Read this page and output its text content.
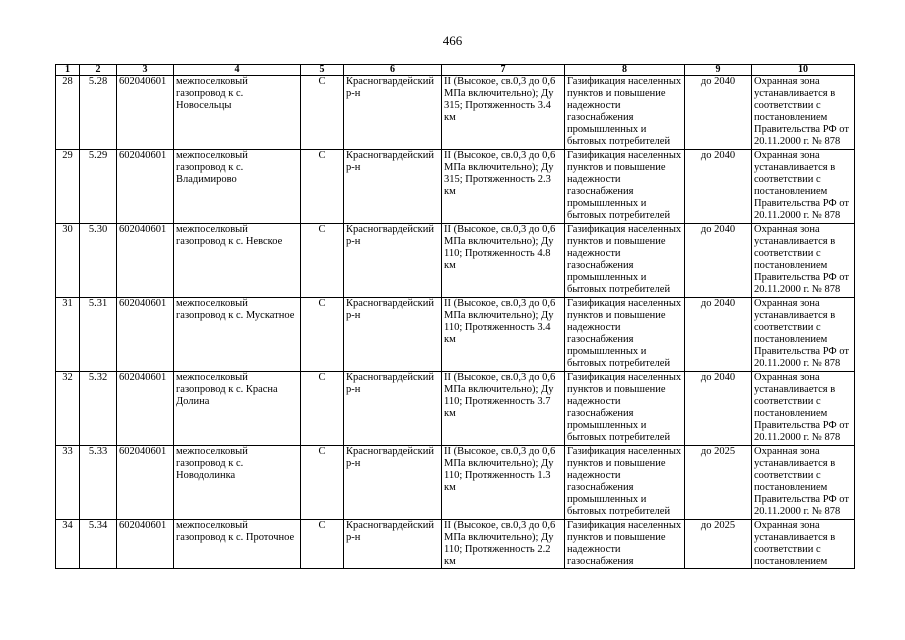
466
1	2	3	4	5	6	7	8	9	10
28	5.28	602040601	межпоселковый газопровод к с. Новосельцы	С	Красногвардейский р-н	II (Высокое, св.0,3 до 0,6 МПа включительно); Ду 315; Протяженность 3.4 км	Газификация населенных пунктов и повышение надежности газоснабжения промышленных и бытовых потребителей	до 2040	Охранная зона устанавливается в соответствии с постановлением Правительства РФ от 20.11.2000 г. № 878
29	5.29	602040601	межпоселковый газопровод к с. Владимирово	С	Красногвардейский р-н	II (Высокое, св.0,3 до 0,6 МПа включительно); Ду 315; Протяженность 2.3 км	Газификация населенных пунктов и повышение надежности газоснабжения промышленных и бытовых потребителей	до 2040	Охранная зона устанавливается в соответствии с постановлением Правительства РФ от 20.11.2000 г. № 878
30	5.30	602040601	межпоселковый газопровод к с. Невское	С	Красногвардейский р-н	II (Высокое, св.0,3 до 0,6 МПа включительно); Ду 110; Протяженность 4.8 км	Газификация населенных пунктов и повышение надежности газоснабжения промышленных и бытовых потребителей	до 2040	Охранная зона устанавливается в соответствии с постановлением Правительства РФ от 20.11.2000 г. № 878
31	5.31	602040601	межпоселковый газопровод к с. Мускатное	С	Красногвардейский р-н	II (Высокое, св.0,3 до 0,6 МПа включительно); Ду 110; Протяженность 3.4 км	Газификация населенных пунктов и повышение надежности газоснабжения промышленных и бытовых потребителей	до 2040	Охранная зона устанавливается в соответствии с постановлением Правительства РФ от 20.11.2000 г. № 878
32	5.32	602040601	межпоселковый газопровод к с. Красна Долина	С	Красногвардейский р-н	II (Высокое, св.0,3 до 0,6 МПа включительно); Ду 110; Протяженность 3.7 км	Газификация населенных пунктов и повышение надежности газоснабжения промышленных и бытовых потребителей	до 2040	Охранная зона устанавливается в соответствии с постановлением Правительства РФ от 20.11.2000 г. № 878
33	5.33	602040601	межпоселковый газопровод к с. Новодолинка	С	Красногвардейский р-н	II (Высокое, св.0,3 до 0,6 МПа включительно); Ду 110; Протяженность 1.3 км	Газификация населенных пунктов и повышение надежности газоснабжения промышленных и бытовых потребителей	до 2025	Охранная зона устанавливается в соответствии с постановлением Правительства РФ от 20.11.2000 г. № 878
34	5.34	602040601	межпоселковый газопровод к с. Проточное	С	Красногвардейский р-н	II (Высокое, св.0,3 до 0,6 МПа включительно); Ду 110; Протяженность 2.2 км	Газификация населенных пунктов и повышение надежности газоснабжения	до 2025	Охранная зона устанавливается в соответствии с постановлением
